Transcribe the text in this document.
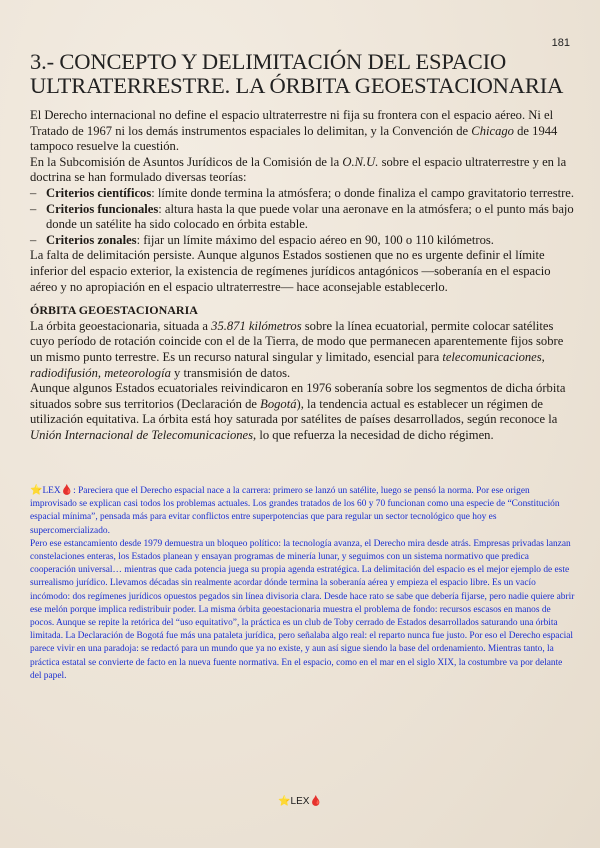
181
3.- CONCEPTO Y DELIMITACIÓN DEL ESPACIO ULTRATERRESTRE. LA ÓRBITA GEOESTACIONARIA

El Derecho internacional no define el espacio ultraterrestre ni fija su frontera con el espacio aéreo. Ni el Tratado de 1967 ni los demás instrumentos espaciales lo delimitan, y la Convención de Chicago de 1944 tampoco resuelve la cuestión.

En la Subcomisión de Asuntos Jurídicos de la Comisión de la O.N.U. sobre el espacio ultraterrestre y en la doctrina se han formulado diversas teorías:

– Criterios científicos: límite donde termina la atmósfera; o donde finaliza el campo gravitatorio terrestre.
– Criterios funcionales: altura hasta la que puede volar una aeronave en la atmósfera; o el punto más bajo donde un satélite ha sido colocado en órbita estable.
– Criterios zonales: fijar un límite máximo del espacio aéreo en 90, 100 o 110 kilómetros.

La falta de delimitación persiste. Aunque algunos Estados sostienen que no es urgente definir el límite inferior del espacio exterior, la existencia de regímenes jurídicos antagónicos —soberanía en el espacio aéreo y no apropiación en el espacio ultraterrestre— hace aconsejable establecerlo.

ÓRBITA GEOESTACIONARIA

La órbita geoestacionaria, situada a 35.871 kilómetros sobre la línea ecuatorial, permite colocar satélites cuyo período de rotación coincide con el de la Tierra, de modo que permanecen aparentemente fijos sobre un mismo punto terrestre. Es un recurso natural singular y limitado, esencial para telecomunicaciones, radiodifusión, meteorología y transmisión de datos.

Aunque algunos Estados ecuatoriales reivindicaron en 1976 soberanía sobre los segmentos de dicha órbita situados sobre sus territorios (Declaración de Bogotá), la tendencia actual es establecer un régimen de utilización equitativa. La órbita está hoy saturada por satélites de países desarrollados, según reconoce la Unión Internacional de Telecomunicaciones, lo que refuerza la necesidad de dicho régimen.

⭐LEX🩸: Pareciera que el Derecho espacial nace a la carrera: primero se lanzó un satélite, luego se pensó la norma. Por ese origen improvisado se explican casi todos los problemas actuales. Los grandes tratados de los 60 y 70 funcionan como una especie de “Constitución espacial mínima”, pensada más para evitar conflictos entre superpotencias que para regular un sector tecnológico que hoy es supercomercializado.

Pero ese estancamiento desde 1979 demuestra un bloqueo político: la tecnología avanza, el Derecho mira desde atrás. Empresas privadas lanzan constelaciones enteras, los Estados planean y ensayan programas de minería lunar, y seguimos con un sistema normativo que predica cooperación universal… mientras que cada potencia juega su propia agenda estratégica. La delimitación del espacio es el mejor ejemplo de este surrealismo jurídico. Llevamos décadas sin realmente acordar dónde termina la soberanía aérea y empieza el espacio libre. Es un vacío incómodo: dos regímenes jurídicos opuestos pegados sin línea divisoria clara. Desde hace rato se sabe que debería fijarse, pero nadie quiere abrir ese melón porque implica redistribuir poder. La misma órbita geoestacionaria muestra el problema de fondo: recursos escasos en manos de pocos. Aunque se repite la retórica del “uso equitativo”, la práctica es un club de Toby cerrado de Estados desarrollados saturando una órbita limitada. La Declaración de Bogotá fue más una pataleta jurídica, pero señalaba algo real: el reparto nunca fue justo. Por eso el Derecho espacial parece vivir en una paradoja: se redactó para un mundo que ya no existe, y aun así sigue siendo la base del ordenamiento. Mientras tanto, la práctica estatal se convierte de facto en la nueva fuente normativa. En el espacio, como en el mar en el siglo XIX, la costumbre va por delante del papel.

⭐LEX🩸
